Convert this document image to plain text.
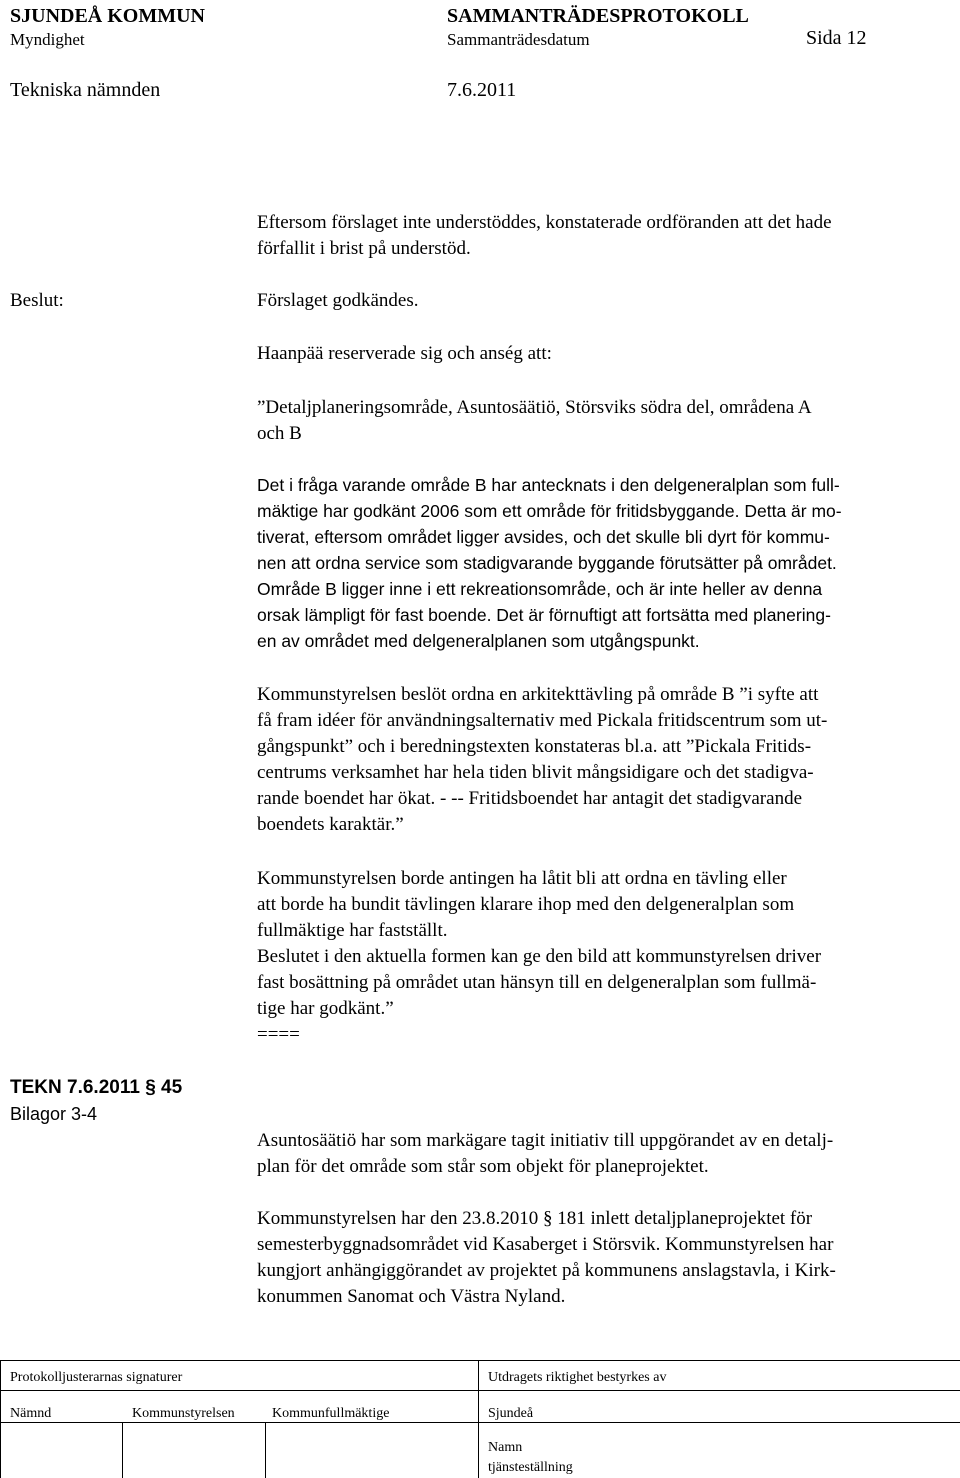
SJUNDEÅ KOMMUN	SAMMANTRÄDESPROTOKOLL
Myndighet	Sammanträdesdatum	Sida 12
Tekniska nämnden	7.6.2011
Eftersom förslaget inte understöddes, konstaterade ordföranden att det hade
förfallit i brist på understöd.
Beslut:	Förslaget godkändes.
Haanpää reserverade sig och anség att:
”Detaljplaneringsområde, Asuntosäätiö, Störsviks södra del, områdena A
och B
Det i fråga varande område B har antecknats i den delgeneralplan som full-
mäktige har godkänt 2006 som ett område för fritidsbyggande. Detta är mo-
tiverat, eftersom området ligger avsides, och det skulle bli dyrt för kommu-
nen att ordna service som stadigvarande byggande förutsätter på området.
Område B ligger inne i ett rekreationsområde, och är inte heller av denna
orsak lämpligt för fast boende. Det är förnuftigt att fortsätta med planering-
en av området med delgeneralplanen som utgångspunkt.
Kommunstyrelsen beslöt ordna en arkitekttävling på område B ”i syfte att
få fram idéer för användningsalternativ med Pickala fritidscentrum som ut-
gångspunkt” och i beredningstexten konstateras bl.a. att ”Pickala Fritids-
centrums verksamhet har hela tiden blivit mångsidigare och det stadigva-
rande boendet har ökat. - -- Fritidsboendet har antagit det stadigvarande
boendets karaktär.”
Kommunstyrelsen borde antingen ha låtit bli att ordna en tävling eller
att borde ha bundit tävlingen klarare ihop med den delgeneralplan som
fullmäktige har fastställt.
Beslutet i den aktuella formen kan ge den bild att kommunstyrelsen driver
fast bosättning på området utan hänsyn till en delgeneralplan som fullmä-
tige har godkänt.”
====
TEKN 7.6.2011 § 45
Bilagor 3-4
Asuntosäätiö har som markägare tagit initiativ till uppgörandet av en detalj-
plan för det område som står som objekt för planeprojektet.
Kommunstyrelsen har den 23.8.2010 § 181 inlett detaljplaneprojektet för
semesterbyggnadsområdet vid Kasaberget i Störsvik. Kommunstyrelsen har
kungjort anhängiggörandet av projektet på kommunens anslagstavla, i Kirk-
konummen Sanomat och Västra Nyland.
Protokolljusterarnas signaturer	Utdragets riktighet bestyrkes av
Nämnd	Kommunstyrelsen	Kommunfullmäktige	Sjundeå
Namn
tjänsteställning
